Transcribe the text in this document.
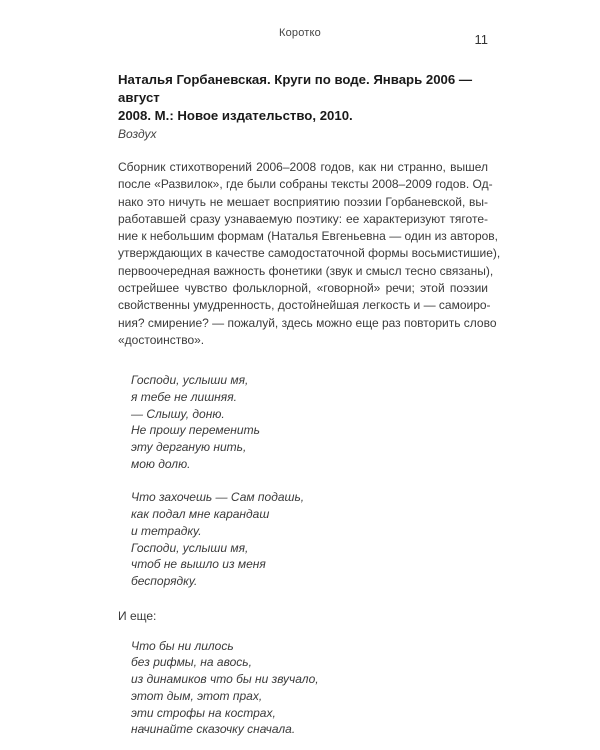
Коротко	11

Наталья Горбаневская. Круги по воде. Январь 2006 — август
2008. М.: Новое издательство, 2010.

Воздух

Сборник стихотворений 2006–2008 годов, как ни странно, вышел
после «Развилок», где были собраны тексты 2008–2009 годов. Од-
нако это ничуть не мешает восприятию поэзии Горбаневской, вы-
работавшей сразу узнаваемую поэтику: ее характеризуют тяготе-
ние к небольшим формам (Наталья Евгеньевна — один из авторов,
утверждающих в качестве самодостаточной формы восьмистишие),
первоочередная важность фонетики (звук и смысл тесно связаны),
острейшее чувство фольклорной, «говорной» речи; этой поэзии
свойственны умудренность, достойнейшая легкость и — самоиро-
ния? смирение? — пожалуй, здесь можно еще раз повторить слово
«достоинство».

Господи, услыши мя,
я тебе не лишняя.
— Слышу, доню.
Не прошу переменить
эту дерганую нить,
мою долю.
Что захочешь — Сам подашь,
как подал мне карандаш
и тетрадку.
Господи, услыши мя,
чтоб не вышло из меня
беспорядку.

И еще:

Что бы ни лилось
без рифмы, на авось,
из динамиков что бы ни звучало,
этот дым, этот прах,
эти строфы на кострах,
начинайте сказочку сначала.
